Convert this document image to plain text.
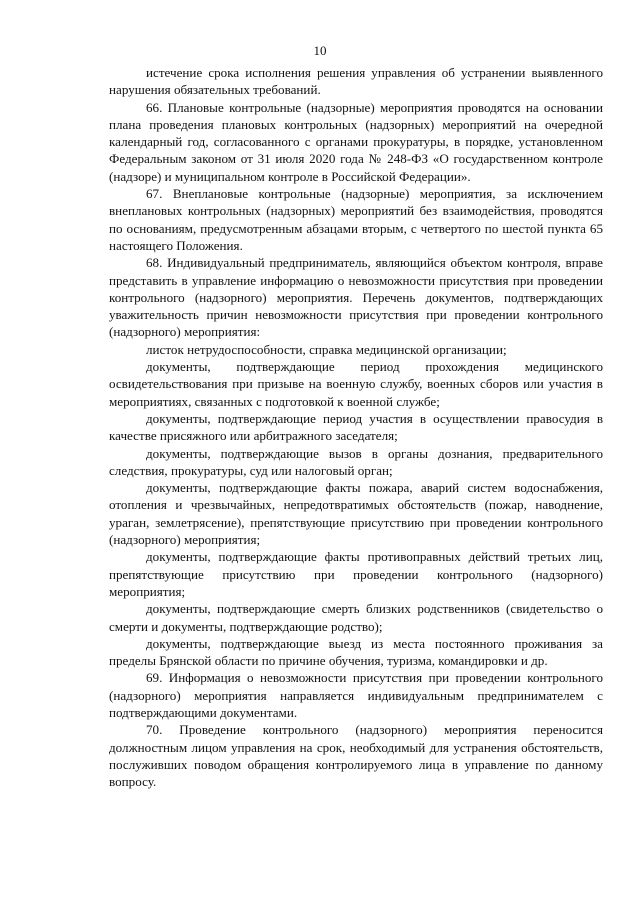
10

истечение срока исполнения решения управления об устранении выявленного нарушения обязательных требований.

66. Плановые контрольные (надзорные) мероприятия проводятся на основании плана проведения плановых контрольных (надзорных) мероприятий на очередной календарный год, согласованного с органами прокуратуры, в порядке, установленном Федеральным законом от 31 июля 2020 года № 248-ФЗ «О государственном контроле (надзоре) и муниципальном контроле в Российской Федерации».

67. Внеплановые контрольные (надзорные) мероприятия, за исключением внеплановых контрольных (надзорных) мероприятий без взаимодействия, проводятся по основаниям, предусмотренным абзацами вторым, с четвертого по шестой пункта 65 настоящего Положения.

68. Индивидуальный предприниматель, являющийся объектом контроля, вправе представить в управление информацию о невозможности присутствия при проведении контрольного (надзорного) мероприятия. Перечень документов, подтверждающих уважительность причин невозможности присутствия при проведении контрольного (надзорного) мероприятия:

листок нетрудоспособности, справка медицинской организации;

документы, подтверждающие период прохождения медицинского освидетельствования при призыве на военную службу, военных сборов или участия в мероприятиях, связанных с подготовкой к военной службе;

документы, подтверждающие период участия в осуществлении правосудия в качестве присяжного или арбитражного заседателя;

документы, подтверждающие вызов в органы дознания, предварительного следствия, прокуратуры, суд или налоговый орган;

документы, подтверждающие факты пожара, аварий систем водоснабжения, отопления и чрезвычайных, непредотвратимых обстоятельств (пожар, наводнение, ураган, землетрясение), препятствующие присутствию при проведении контрольного (надзорного) мероприятия;

документы, подтверждающие факты противоправных действий третьих лиц, препятствующие присутствию при проведении контрольного (надзорного) мероприятия;

документы, подтверждающие смерть близких родственников (свидетельство о смерти и документы, подтверждающие родство);

документы, подтверждающие выезд из места постоянного проживания за пределы Брянской области по причине обучения, туризма, командировки и др.

69. Информация о невозможности присутствия при проведении контрольного (надзорного) мероприятия направляется индивидуальным предпринимателем с подтверждающими документами.

70. Проведение контрольного (надзорного) мероприятия переносится должностным лицом управления на срок, необходимый для устранения обстоятельств, послуживших поводом обращения контролируемого лица в управление по данному вопросу.
